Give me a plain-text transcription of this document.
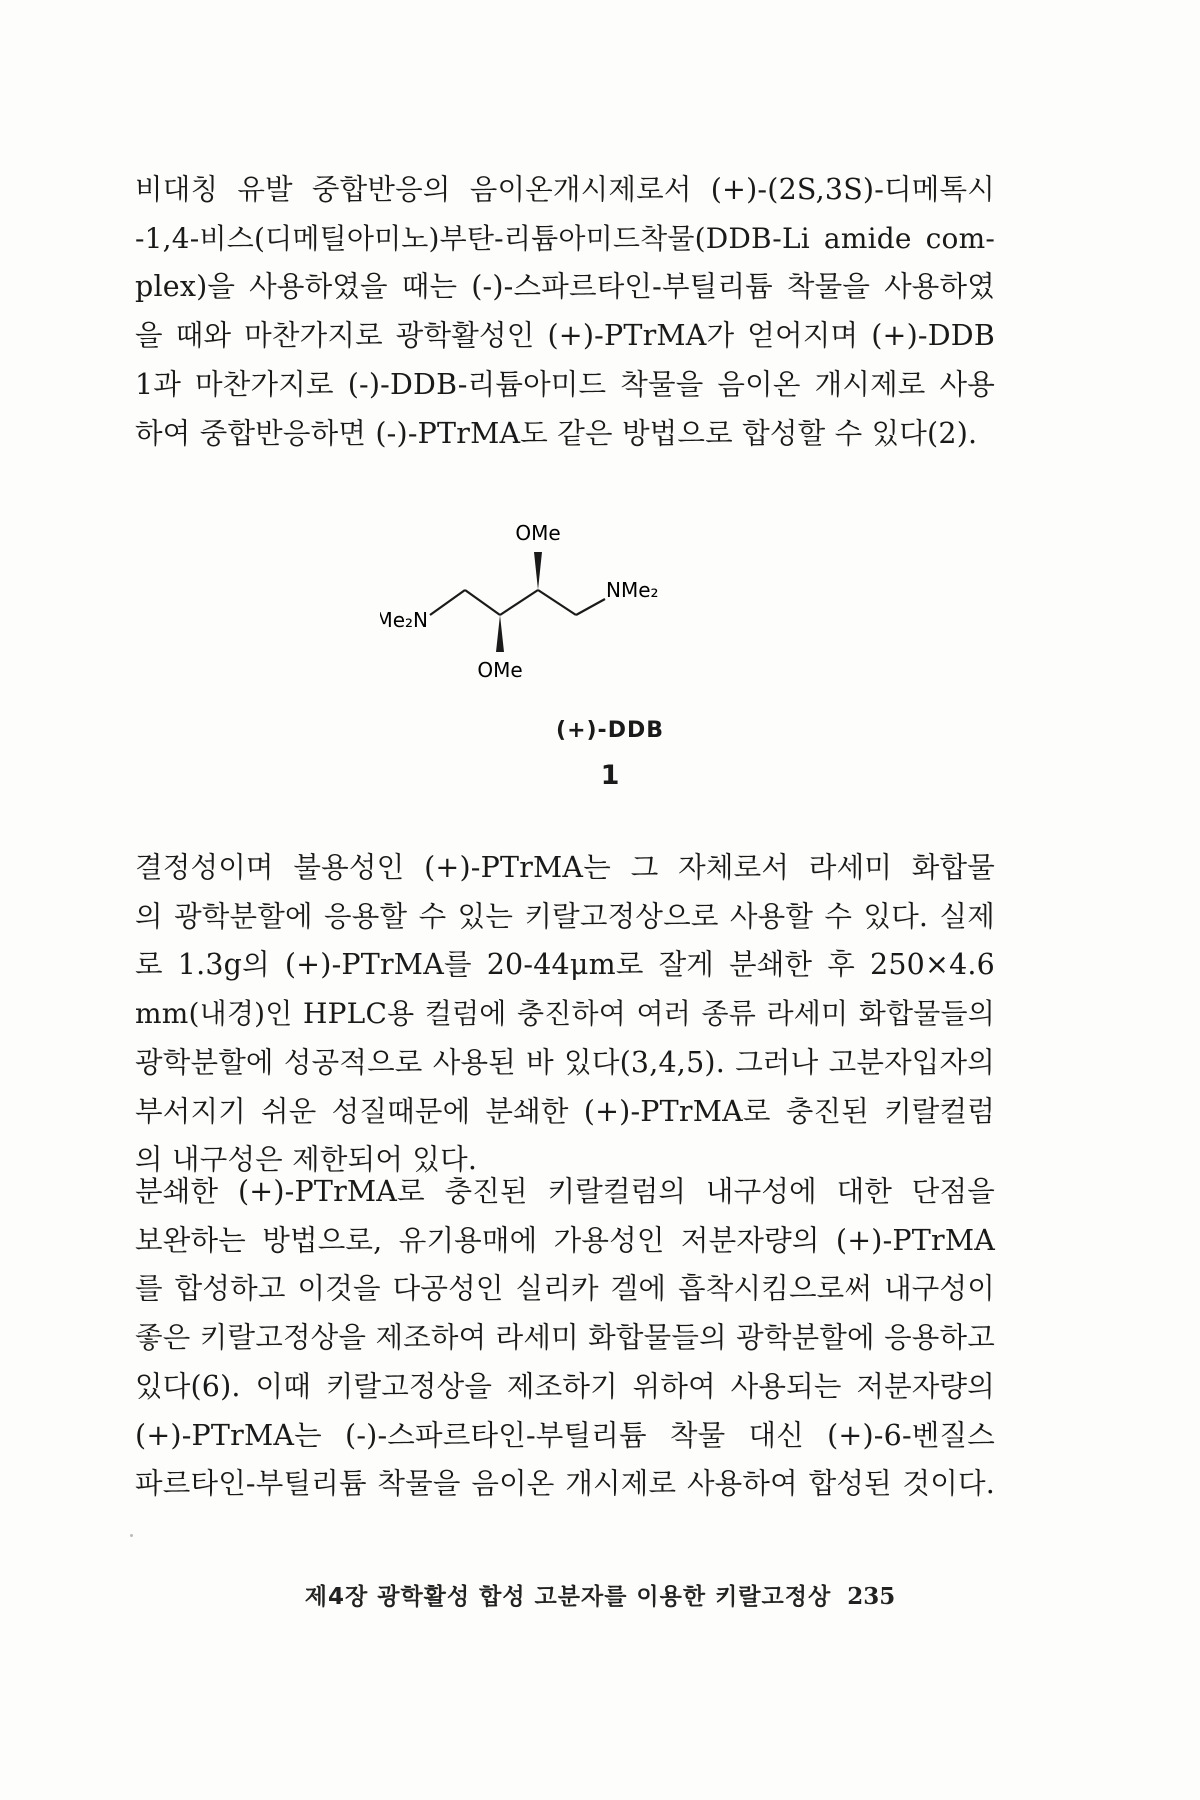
비대칭 유발 중합반응의 음이온개시제로서 (+)-(2S,3S)-디메톡시
-1,4-비스(디메틸아미노)부탄-리튬아미드착물(DDB-Li amide com-
plex)을 사용하였을 때는 (-)-스파르타인-부틸리튬 착물을 사용하였
을 때와 마찬가지로 광학활성인 (+)-PTrMA가 얻어지며 (+)-DDB
1과 마찬가지로 (-)-DDB-리튬아미드 착물을 음이온 개시제로 사용
하여 중합반응하면 (-)-PTrMA도 같은 방법으로 합성할 수 있다(2).
OMe
OMe
NMe₂
Me₂N
(+)-DDB
1
결정성이며 불용성인 (+)-PTrMA는 그 자체로서 라세미 화합물
의 광학분할에 응용할 수 있는 키랄고정상으로 사용할 수 있다. 실제
로 1.3g의 (+)-PTrMA를 20-44μm로 잘게 분쇄한 후 250×4.6
mm(내경)인 HPLC용 컬럼에 충진하여 여러 종류 라세미 화합물들의
광학분할에 성공적으로 사용된 바 있다(3,4,5). 그러나 고분자입자의
부서지기 쉬운 성질때문에 분쇄한 (+)-PTrMA로 충진된 키랄컬럼
의 내구성은 제한되어 있다.
분쇄한 (+)-PTrMA로 충진된 키랄컬럼의 내구성에 대한 단점을
보완하는 방법으로, 유기용매에 가용성인 저분자량의 (+)-PTrMA
를 합성하고 이것을 다공성인 실리카 겔에 흡착시킴으로써 내구성이
좋은 키랄고정상을 제조하여 라세미 화합물들의 광학분할에 응용하고
있다(6). 이때 키랄고정상을 제조하기 위하여 사용되는 저분자량의
(+)-PTrMA는 (-)-스파르타인-부틸리튬 착물 대신 (+)-6-벤질스
파르타인-부틸리튬 착물을 음이온 개시제로 사용하여 합성된 것이다.
제4장 광학활성 합성 고분자를 이용한 키랄고정상 235
